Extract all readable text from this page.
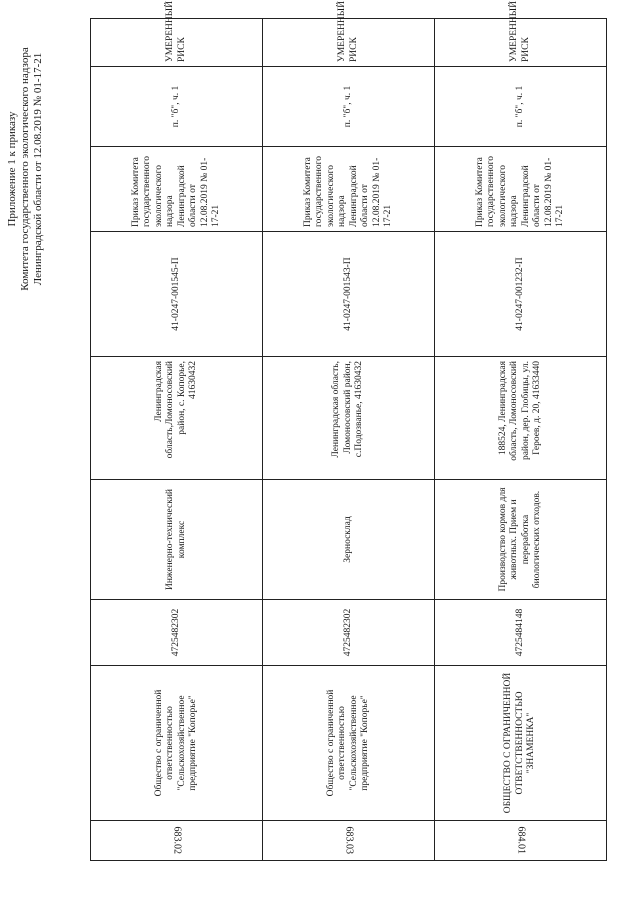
Приложение 1 к приказу Комитета государственного экологического надзора Ленинградской области от 12.08.2019 № 01-17-21
683.02	Общество с ограниченной ответственностью "Сельскохозяйственное предприятие "Копорье"	4725482302	Инженерно-технический комплекс	Ленинградская область,Ломоносовский район, с. Копорье, 41630432	41-0247-001545-П	Приказ Комитета государственного экологического надзора Ленинградской области от 12.08.2019 № 01-17-21	п. "б", ч. 1	УМЕРЕННЫЙ РИСК
683.03	Общество с ограниченной ответственностью "Сельскохозяйственное предприятие "Копорье"	4725482302	Зерносклад	Ленинградская область, Ломоносовский район, с.Подозванье, 41630432	41-0247-001543-П	Приказ Комитета государственного экологического надзора Ленинградской области от 12.08.2019 № 01-17-21	п. "б", ч. 1	УМЕРЕННЫЙ РИСК
684.01	ОБЩЕСТВО С ОГРАНИЧЕННОЙ ОТВЕТСТВЕННОСТЬЮ "ЗНАМЕНКА"	4725484148	Производство кормов для животных. Прием и переработка биологических отходов.	188524, Ленинградская область, Ломоносовский район, дер. Глобицы, ул. Героев, д. 20, 41633440	41-0247-001232-П	Приказ Комитета государственного экологического надзора Ленинградской области от 12.08.2019 № 01-17-21	п. "б", ч. 1	УМЕРЕННЫЙ РИСК
